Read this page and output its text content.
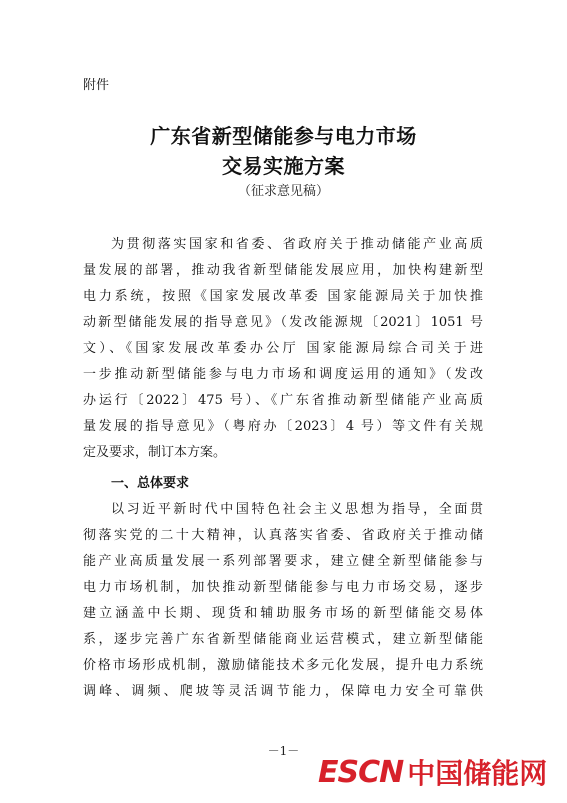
附件
广东省新型储能参与电力市场
交易实施方案
（征求意见稿）
为贯彻落实国家和省委、省政府关于推动储能产业高质
量发展的部署，推动我省新型储能发展应用，加快构建新型
电力系统，按照《国家发展改革委 国家能源局关于加快推
动新型储能发展的指导意见》（发改能源规〔2021〕1051 号
文）、《国家发展改革委办公厅 国家能源局综合司关于进
一步推动新型储能参与电力市场和调度运用的通知》（发改
办运行〔2022〕475 号）、《广东省推动新型储能产业高质
量发展的指导意见》（粤府办〔2023〕4 号）等文件有关规
定及要求，制订本方案。
一、总体要求
以习近平新时代中国特色社会主义思想为指导，全面贯
彻落实党的二十大精神，认真落实省委、省政府关于推动储
能产业高质量发展一系列部署要求，建立健全新型储能参与
电力市场机制，加快推动新型储能参与电力市场交易，逐步
建立涵盖中长期、现货和辅助服务市场的新型储能交易体
系，逐步完善广东省新型储能商业运营模式，建立新型储能
价格市场形成机制，激励储能技术多元化发展，提升电力系统
调峰、调频、爬坡等灵活调节能力，保障电力安全可靠供
－1－
ESCN 中国储能网
